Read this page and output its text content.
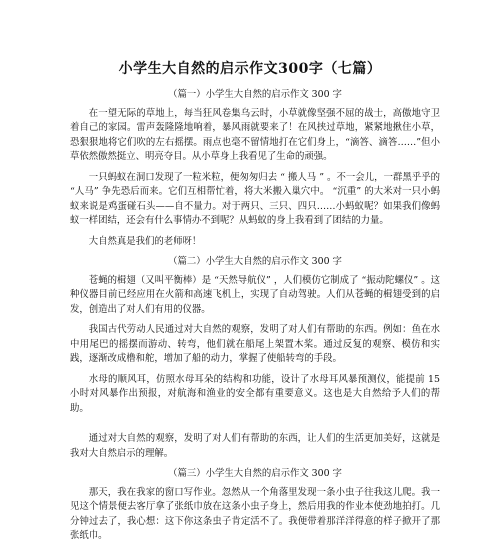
小学生大自然的启示作文300字（七篇）
（篇一）小学生大自然的启示作文 300 字

在一望无际的草地上，每当狂风卷集乌云时，小草就像坚强不屈的战士，高傲地守卫着自己的家园。雷声轰隆隆地响着，暴风雨就要来了！在风挟过草地，紧紧地揪住小草，恐狠狠地将它们吹的左右摇摆。雨点也毫不留情地打在它们身上，“滴答、滴答……”但小草依然傲然挺立、明亮夺目。从小草身上我看见了生命的顽强。

一只蚂蚁在洞口发现了一粒米粒，便匆匆归去 “ 搬人马 ” 。不一会儿，一群黑乎乎的 “人马” 争先恐后而来。它们互相帮忙着，将大米搬入巢穴中。 “沉重” 的大米对一只小蚂蚁来说是鸡蛋碰石头——自不量力。对于两只、三只、四只……小蚂蚁呢？如果我们像蚂蚁一样团结，还会有什么事情办不到呢？从蚂蚁的身上我看到了团结的力量。

大自然真是我们的老师呀！

（篇二）小学生大自然的启示作文 300 字

苍蝇的楫翅（又叫平衡棒）是 “天然导航仪” ，人们模仿它制成了 “振动陀螺仪” 。这种仪器目前已经应用在火箭和高速飞机上，实现了自动驾驶。人们从苍蝇的楫翅受到的启发，创造出了对人们有用的仪器。

我国古代劳动人民通过对大自然的观察，发明了对人们有帮助的东西。例如：鱼在水中用尾巴的摇摆而游动、转弯，他们就在船尾上架置木桨。通过反复的观察、模仿和实践，逐渐改成橹和舵，增加了船的动力，掌握了使船转弯的手段。

水母的顺风耳，仿照水母耳朵的结构和功能，设计了水母耳风暴预测仪，能提前 15 小时对风暴作出预报，对航海和渔业的安全都有重要意义。这也是大自然给予人们的帮助。

通过对大自然的观察，发明了对人们有帮助的东西，让人们的生活更加美好，这就是我对大自然启示的理解。

（篇三）小学生大自然的启示作文 300 字

那天，我在我家的窗口写作业。忽然从一个角落里发现一条小虫子往我这儿爬。我一见这个情景便去客厅拿了张纸巾放在这条小虫子身上，然后用我的作业本使劲地拍打。几分钟过去了，我心想：这下你这条虫子肯定活不了。我便带着那洋洋得意的样子掀开了那张纸巾。
